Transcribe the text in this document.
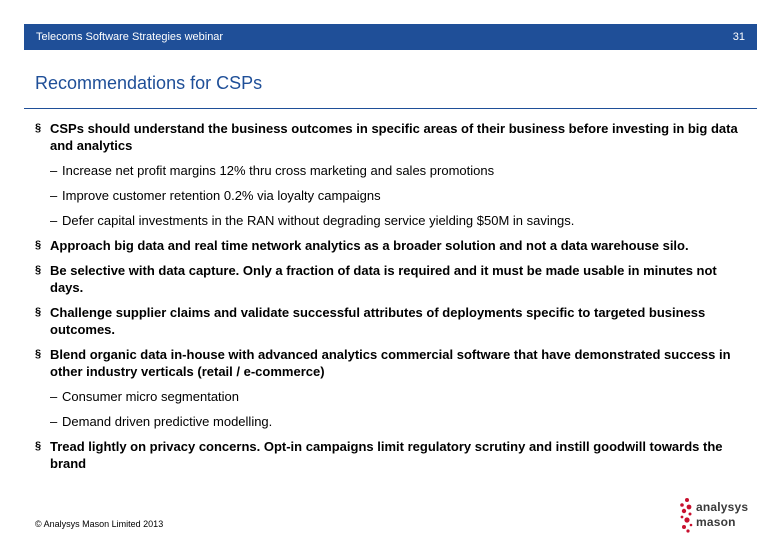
Telecoms Software Strategies webinar	31
Recommendations for CSPs
§ CSPs should understand the business outcomes in specific areas of their business before investing in big data and analytics
– Increase net profit margins 12% thru cross marketing and sales promotions
– Improve customer retention 0.2% via loyalty campaigns
– Defer capital investments in the RAN without degrading service yielding $50M in savings.
§ Approach big data and real time network analytics as a broader solution and not a data warehouse silo.
§ Be selective with data capture. Only a fraction of data is required and it must be made usable in minutes not days.
§ Challenge supplier claims and validate successful attributes of deployments specific to targeted business outcomes.
§ Blend organic data in-house with advanced analytics commercial software that have demonstrated success in other industry verticals (retail / e-commerce)
– Consumer micro segmentation
– Demand driven predictive modelling.
§ Tread lightly on privacy concerns. Opt-in campaigns limit regulatory scrutiny and instill goodwill towards the brand
© Analysys Mason Limited 2013
analysys
mason
